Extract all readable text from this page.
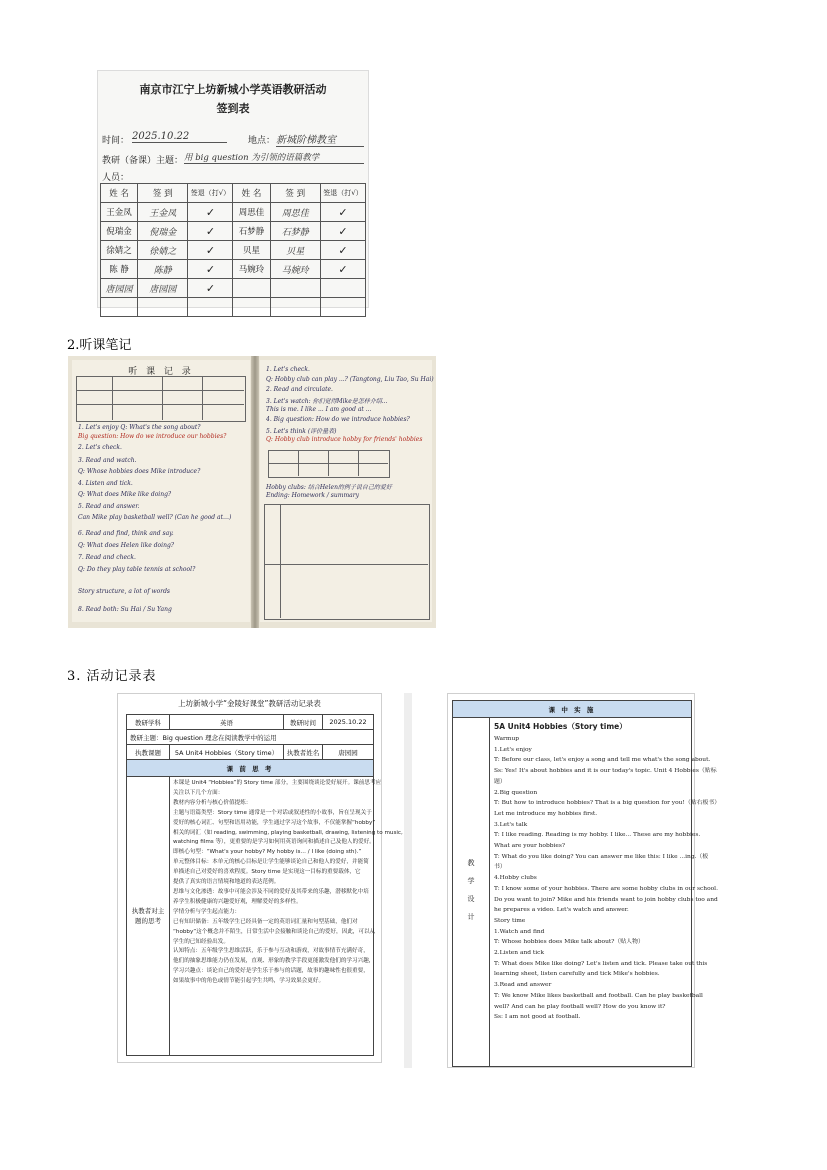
南京市江宁上坊新城小学英语教研活动
签到表
时间： 2025.10.22	地点： 新城阶梯教室
教研（备课）主题： 用 big question 为引领的语篇教学
人员：
姓 名	签 到	签退（打√）	姓 名	签 到	签退（打√）
王金凤	王金凤	✓	周思佳	周思佳	✓
倪瑞金	倪瑞金	✓	石梦静	石梦静	✓
徐婧之	徐婧之	✓	贝星	贝星	✓
陈 静	陈静	✓	马婉玲	马婉玲	✓
唐园园	唐园园	✓			

2.听课笔记
听 课 记 录
1. Let's enjoy Q: What's the song about?
Big question: How do we introduce our hobbies?
2. Let's check.
3. Read and watch.
Q: Whose hobbies does Mike introduce?
4. Listen and tick.
Q: What does Mike like doing?
5. Read and answer.
Can Mike play basketball well? (Can he good at…)
6. Read and find, think and say.
Q: What does Helen like doing?
7. Read and check.
Q: Do they play table tennis at school?
Story structure, a lot of words
8. Read both: Su Hai / Su Yang
1. Let's check.
Q: Hobby club can play ...? (Tangtong, Liu Tao, Su Hai)
2. Read and circulate.
3. Let's watch: 你们觉得Mike是怎样介绍...
This is me. I like ... I am good at ...
4. Big question: How do we introduce hobbies?
5. Let's think (评价量表)
Q: Hobby club introduce hobby for friends' hobbies
Hobby clubs: 结合Helen的例子说自己的爱好
Ending: Homework / summary
3. 活动记录表
上坊新城小学“金陵好课堂”教研活动记录表
教研学科	英语	教研时间	2025.10.22
教研主题：Big question 理念在阅读教学中的运用
执教课题	5A Unit4 Hobbies（Story time）	执教者姓名	唐园园
课 前 思 考
执教者对主题的思考
本课是 Unit4 “Hobbies”的 Story time 部分，主要围绕谈论爱好展开。课前思考应
关注以下几个方面：
教材内容分析与核心价值提炼：
主题与语篇类型：Story time 通常是一个对话或叙述性的小故事，旨在呈现关于
爱好的核心词汇、句型和语用功能，学生通过学习这个故事，不仅能掌握“hobby”
相关的词汇（如 reading, swimming, playing basketball, drawing, listening to music,
watching films 等），更重要的是学习如何用英语询问和描述自己及他人的爱好。
即核心句型：“What's your hobby? My hobby is… / I like (doing sth).”
单元整体目标：本单元的核心目标是让学生能够谈论自己和他人的爱好，并能简
单描述自己对爱好的喜欢程度。Story time 是实现这一目标的重要载体，它
提供了真实的语言情境和地道的表达范例。
思维与文化渗透：故事中可能会涉及不同的爱好及其带来的乐趣，潜移默化中培
养学生积极健康的兴趣爱好观，理解爱好的多样性。
学情分析与学生起点能力：
已有知识储备：五年级学生已经具备一定的英语词汇量和句型基础，他们对
“hobby”这个概念并不陌生，日常生活中会接触和谈论自己的爱好，因此，可以从
学生的已知经验出发。
认知特点：五年级学生思维活跃，乐于参与互动和游戏，对故事情节充满好奇，
他们的抽象思维能力仍在发展，直观、形象的教学手段更能激发他们的学习兴趣，
学习兴趣点：谈论自己的爱好是学生乐于参与的话题，故事的趣味性也很重要，
如果故事中的角色或情节能引起学生共鸣，学习效果会更好。
课 中 实 施
教
学
设
计
5A Unit4 Hobbies（Story time）
Warmup
1.Let's enjoy
T: Before our class, let's enjoy a song and tell me what's the song about.
Ss: Yes! It's about hobbies and it is our today's topic. Unit 4 Hobbies（贴标
题）
2.Big question
T: But how to introduce hobbies? That is a big question for you!（贴右板书）
Let me introduce my hobbies first.
3.Let's talk
T: I like reading. Reading is my hobby. I like... These are my hobbies.
What are your hobbies?
T: What do you like doing? You can answer me like this: I like ...ing.（板
书）
4.Hobby clubs
T: I know some of your hobbies. There are some hobby clubs in our school.
Do you want to join? Mike and his friends want to join hobby clubs too and
he prepares a video. Let's watch and answer.
Story time
1.Watch and find
T: Whose hobbies does Mike talk about?（贴人物）
2.Listen and tick
T: What does Mike like doing? Let's listen and tick. Please take out this
learning sheet, listen carefully and tick Mike's hobbies.
3.Read and answer
T: We know Mike likes basketball and football. Can he play basketball
well? And can he play football well? How do you know it?
Ss: I am not good at football.
